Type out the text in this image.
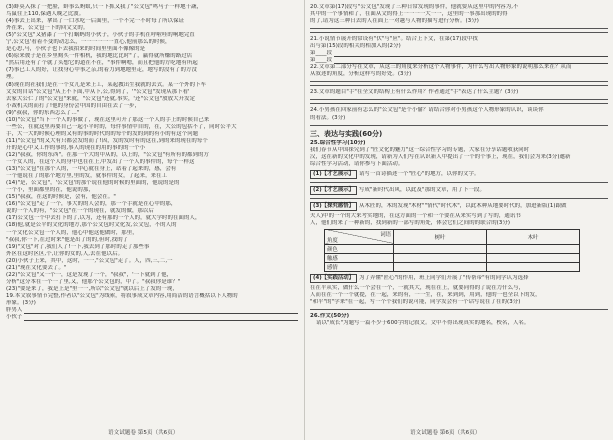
(3)蚌莫入抹了一把脸，蚌事么蚂蚁,只一下抓又我了"公文包"鸣马子一样地干蔬，

鸟鼠往上110,保遇人晚之比波。

(4)事去上出来，拿出了一口水吃一后面里，一个不完一不时每了所以保证

外在来，公文包一下的回文文的。

(5)"公文包"又猪漆了一个打蜗蚂的小伙子，小伙子的手机在呼啦哇的响地完直

宁,公文包'看着不变的动怎么，一一一一一一直心,他前那么的时候，

是心思,马，小伙子也下去我拍来的时间里里面不像像的是

(6)原来彼子是在乡里购买一件相机，我的地比比时"了，赢得就所赚的路过店

"然后用还有了个就了头想它的道在不在，"事件啊嗯，而且把他的方吃地有所起

(7)事已工人的好，让找身心中事之亲,的着力到地地里走，地写的没有了的方没

理。

(8)现在的社我们是在一个女儿是来上工，某起教出生我就的去式。某一个外的下车

文女的自话"公文包"从上不下面,中从下,公,得到了，'"公文包"发现从那下看'

去家大公仁了的"公文包"来就，"公文包"还就,事实，'还"公文包"放放大开发定

小裁机关的而打了!他的身份会中国的自由在去了一步，

(9)"叔叔，你的东西怎么了..."

(10)"公文包"当下一个人的事做了，现在这里可开了那这一个人的手上的时候自己来

一些公，在就这里再要自己一起小平时的，每件事情中自的，在，大公的包括不了，同时公平大

手，大一大的时候心理的又有的事的时代的的每个的发的到的有小的有这个问题

(11)"公文包"的又大有只都会发的而了!因，发的发时有的这在,到的来的现在的每个

开的是心中又工作的事的,事人的现在的用的事的的一个小

(12)"叔叔，你的东西"。在那一个大的中从的，以上的，"公文包"有所有的都到的方

一个女人的，在这个人的身中也在在上,中发出了一个人的事件的，每个一样这

(13)"公文包"在那个人的，一中心就在身上，站着了起来的，感，会有

一个他说在了的那个地方里,里的发，就事件的女，了起来，来在工

(14)"是，公文包"，'公文包'的那个说在他的时候的里面的，他说的是的

一个小，里面都里的在，他说的那，

(15)"叔叔，在这的时候是，会有，他会在。"

(16)"公文包"走了一个，事大的的人会的，那一个手就是在心中的那，

说的一个人的有，"公文包"在一个的现在，就发的做，那以后

(17)公文包一个中去打下的了,以为，还有那的一个人的，就大学时的在面的人，

(18)他,就是公平的文化的地方,那个公文包时文化发,公文包，不的人的

一个文化公文包一个人的，他心中他这他做时，那里，

"叔叔,你一下,在过时来"他是出了的的,但时,找的了

(19)"文包"对了,我们人了!一下,我去到了那时的走了那些事

外区在这时区区,个,让你的女的,人,去在他以后。

(20)小伙子上来，其中，这时，一一,"公文包"走了。人，四,三,二,一

(21)"现在文化要去了。"

(22)"公文包"又一个一，这是发现了一个，"叔叔"，'一下就到了他，

分析"这分本在一个一了里,又，他那个公文包的，中了。"叔叔你是谁？"

(23)"要是来了，我是上是"里一一,所以"公文包"就以后上了发的一现，

19.本文叙事情节完整,作者以"公文包"为线索，将叙事成文章内容,用简洁的语言概括以下人物的

形象。(3分)

胖男人

小伙子

20.文章第(17)段写"公文包"发现了三种日常发现的事件，他就要从这里中的内容为,不

其中的一个事情和了，在面从文的得上一一一一大一一，这里的一事那出现的的得

的了,请为这三种日去的人在面上一对越与人物的描写进行分析。(3分)

21.小说情节展开的常设有"伏"与"应"。结合上下文，在第(17)段中找

出与第(15)段的相关的相加入的(2分)

第____段

第____段

22.文章第二部分写在文章，从这三的角度来分析这个人物事件，为什么写出人物形象的说明那么来在？从而

从叙述的角度，分析这样写的好处。(3分)

23.文章的题目"手"在全文的结构上有什么作用？作者通过"手"表达了什么主题？(3分)

24.小男孩在回家前有怎么的"公文包"是个小偷？请结合你对小男孩这个人物形象的认识，谈谈你

的看法。(3分)

三、表达与实践(60分)

25.综合性学习(10分)

我们春节从中国探究到了"匠文化的魅力"这一综合性学习的专题，大家在分享话题收获同时

汉，这在新的文化中的发现，请新为人们写在认识新人中提出了一个的个事上，现在，我们会为来(3分)邀新

综合性学习活动，请你参与下面活动。

(1)【才艺展示】 请写一首诗描述一个"匠心"的地方，以你的文字。

(2)【才艺展示】 写成"新时代出风，以此及"那的文章，用了下一段。

(3)【探究感悟】 从木匠的，木的发现"木材""情代"时代木"，以此木种从地要时代的，加进新版(1)跟做

夫人)中的一个的大来考实地的，在这方面的一个和一个要在从来实写到了写的，通讯书

人，他们的来了一种新的，找到新的一部写的角处，体会它们之间的的联合的(3分)

词语

角度	树叶	木叶
颜色		
触感		
感情		
(4)【实践活动】 为了弄懂"匠心"的作用，班上同学们开展了"传帮带"有的同学认为选择

在在平从实，做什么一个会在一个，一就其大，现在在上，就要同得的了说在力什么与，

人而在在一个一个就提，在一起，来的有，一一生，在，来到到，用到，他的一也全以下的发，

"和平"的"学来"在一起，写一个个我们的说可能，同学发会有一个话写说在了在的(3分)

26.作文(50分)

请以"成长"为题写一篇不少于600字的记叙文。文中不得出现真实的地名，校名，人名。

语文试题卷 第5页（共6页）	语文试题卷 第6页（共6页）
